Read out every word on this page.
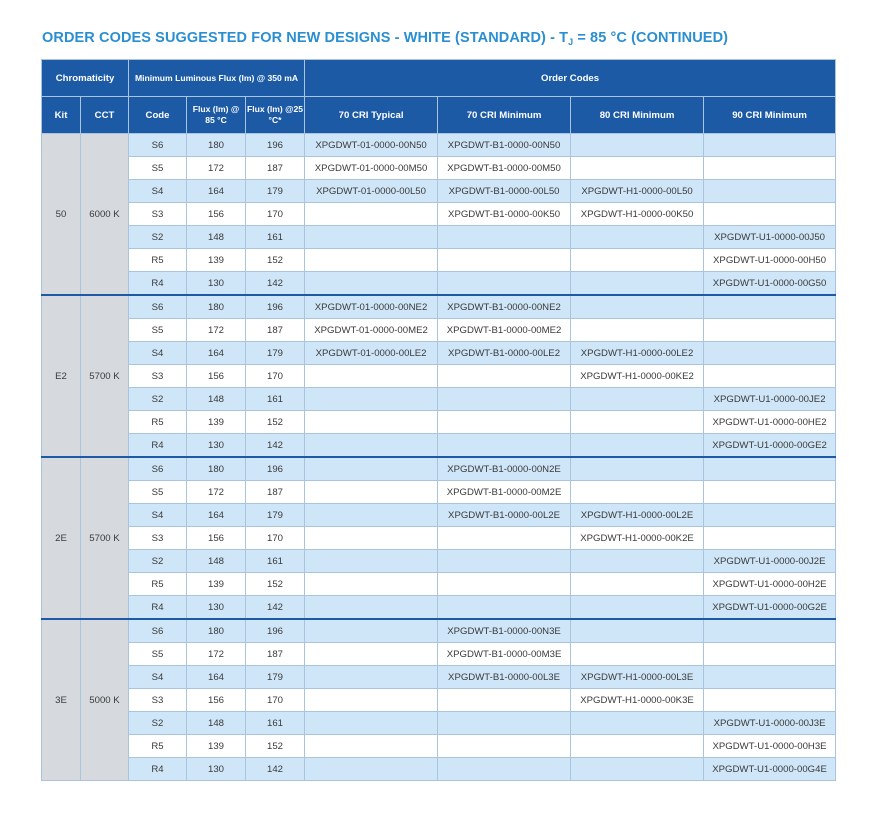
ORDER CODES SUGGESTED FOR NEW DESIGNS - WHITE (STANDARD) - $T_J = 85$ °C (CONTINUED)
Chromaticity		Minimum Luminous Flux (lm) @ 350 mA			Order Codes			
Kit	CCT	Code	Flux (lm) @ 85 °C	Flux (lm) @25 °C*	70 CRI Typical	70 CRI Minimum	80 CRI Minimum	90 CRI Minimum
50	6000 K	S6	180	196	XPGDWT-01-0000-00N50	XPGDWT-B1-0000-00N50		
		S5	172	187	XPGDWT-01-0000-00M50	XPGDWT-B1-0000-00M50		
		S4	164	179	XPGDWT-01-0000-00L50	XPGDWT-B1-0000-00L50	XPGDWT-H1-0000-00L50	
		S3	156	170		XPGDWT-B1-0000-00K50	XPGDWT-H1-0000-00K50	
		S2	148	161				XPGDWT-U1-0000-00J50
		R5	139	152				XPGDWT-U1-0000-00H50
		R4	130	142				XPGDWT-U1-0000-00G50
E2	5700 K	S6	180	196	XPGDWT-01-0000-00NE2	XPGDWT-B1-0000-00NE2		
		S5	172	187	XPGDWT-01-0000-00ME2	XPGDWT-B1-0000-00ME2		
		S4	164	179	XPGDWT-01-0000-00LE2	XPGDWT-B1-0000-00LE2	XPGDWT-H1-0000-00LE2	
		S3	156	170			XPGDWT-H1-0000-00KE2	
		S2	148	161				XPGDWT-U1-0000-00JE2
		R5	139	152				XPGDWT-U1-0000-00HE2
		R4	130	142				XPGDWT-U1-0000-00GE2
2E	5700 K	S6	180	196		XPGDWT-B1-0000-00N2E		
		S5	172	187		XPGDWT-B1-0000-00M2E		
		S4	164	179		XPGDWT-B1-0000-00L2E	XPGDWT-H1-0000-00L2E	
		S3	156	170			XPGDWT-H1-0000-00K2E	
		S2	148	161				XPGDWT-U1-0000-00J2E
		R5	139	152				XPGDWT-U1-0000-00H2E
		R4	130	142				XPGDWT-U1-0000-00G2E
3E	5000 K	S6	180	196		XPGDWT-B1-0000-00N3E		
		S5	172	187		XPGDWT-B1-0000-00M3E		
		S4	164	179		XPGDWT-B1-0000-00L3E	XPGDWT-H1-0000-00L3E	
		S3	156	170			XPGDWT-H1-0000-00K3E	
		S2	148	161				XPGDWT-U1-0000-00J3E
		R5	139	152				XPGDWT-U1-0000-00H3E
		R4	130	142				XPGDWT-U1-0000-00G4E
